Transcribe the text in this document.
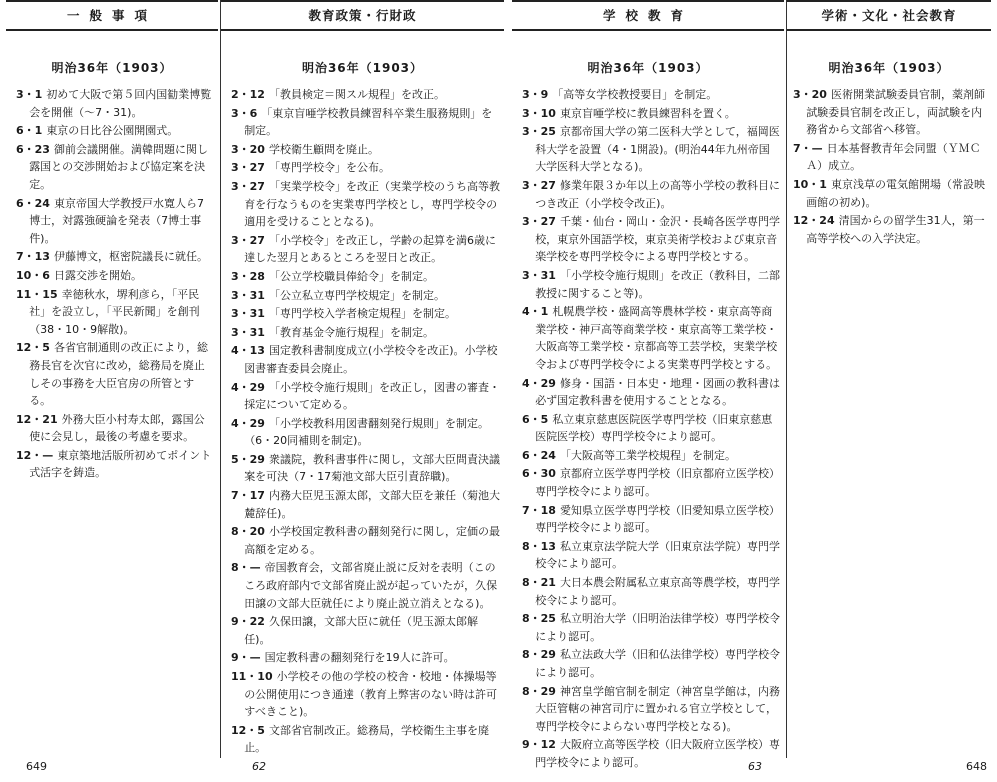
一般事項
明治36年（1903）
3・1 初めて大阪で第５回内国勧業博覧会を開催（～7・31)。
6・1 東京の日比谷公園開園式。
6・23 御前会議開催。満韓問題に関し露国との交渉開始および協定案を決定。
6・24 東京帝国大学教授戸水寛人ら7博士，対露強硬論を発表（7博士事件)。
7・13 伊藤博文，枢密院議長に就任。
10・6 日露交渉を開始。
11・15 幸徳秋水，堺利彦ら，「平民社」を設立し，「平民新聞」を創刊（38・10・9解散)。
12・5 各省官制通則の改正により，総務長官を次官に改め，総務局を廃止しその事務を大臣官房の所管とする。
12・21 外務大臣小村寿太郎，露国公使に会見し，最後の考慮を要求。
12・— 東京築地活版所初めてポイント式活字を鋳造。
教育政策・行財政
明治36年（1903）
2・12 「教員検定＝関スル規程」を改正。
3・6 「東京盲唖学校教員練習科卒業生服務規則」を制定。
3・20 学校衛生顧問を廃止。
3・27 「専門学校令」を公布。
3・27 「実業学校令」を改正（実業学校のうち高等教育を行なうものを実業専門学校とし，専門学校令の適用を受けることとなる)。
3・27 「小学校令」を改正し，学齢の起算を満6歳に達した翌月とあるところを翌日と改正。
3・28 「公立学校職員俸給令」を制定。
3・31 「公立私立専門学校規定」を制定。
3・31 「専門学校入学者検定規程」を制定。
3・31 「教育基金令施行規程」を制定。
4・13 国定教科書制度成立(小学校令を改正)。小学校図書審査委員会廃止。
4・29 「小学校令施行規則」を改正し，図書の審査・採定について定める。
4・29 「小学校教科用図書翻刻発行規則」を制定。（6・20同補則を制定)。
5・29 衆議院，教科書事件に関し，文部大臣問責決議案を可決（7・17菊池文部大臣引責辞職)。
7・17 内務大臣児玉源太郎，文部大臣を兼任（菊池大麓辞任)。
8・20 小学校国定教科書の翻刻発行に関し，定価の最高額を定める。
8・— 帝国教育会，文部省廃止説に反対を表明（このころ政府部内で文部省廃止説が起っていたが，久保田譲の文部大臣就任により廃止説立消えとなる)。
9・22 久保田譲，文部大臣に就任（児玉源太郎解任)。
9・— 国定教科書の翻刻発行を19人に許可。
11・10 小学校その他の学校の校舎・校地・体操場等の公開使用につき通達（教育上弊害のない時は許可すべきこと)。
12・5 文部省官制改正。総務局，学校衛生主事を廃止。
学校教育
明治36年（1903）
3・9 「高等女学校教授要目」を制定。
3・10 東京盲唖学校に教員練習科を置く。
3・25 京都帝国大学の第二医科大学として，福岡医科大学を設置（4・1開設)。(明治44年九州帝国大学医科大学となる)。
3・27 修業年限３か年以上の高等小学校の教科目につき改正（小学校令改正)。
3・27 千葉・仙台・岡山・金沢・長崎各医学専門学校，東京外国語学校，東京美術学校および東京音楽学校を専門学校令による専門学校とする。
3・31 「小学校令施行規則」を改正（教科目，二部教授に関すること等)。
4・1 札幌農学校・盛岡高等農林学校・東京高等商業学校・神戸高等商業学校・東京高等工業学校・大阪高等工業学校・京都高等工芸学校，実業学校令および専門学校令による実業専門学校とする。
4・29 修身・国語・日本史・地理・図画の教科書は必ず国定教科書を使用することとなる。
6・5 私立東京慈恵医院医学専門学校（旧東京慈恵医院医学校）専門学校令により認可。
6・24 「大阪高等工業学校規程」を制定。
6・30 京都府立医学専門学校（旧京都府立医学校）専門学校令により認可。
7・18 愛知県立医学専門学校（旧愛知県立医学校）専門学校令により認可。
8・13 私立東京法学院大学（旧東京法学院）専門学校令により認可。
8・21 大日本農会附属私立東京高等農学校，専門学校令により認可。
8・25 私立明治大学（旧明治法律学校）専門学校令により認可。
8・29 私立法政大学（旧和仏法律学校）専門学校令により認可。
8・29 神宮皇学館官制を制定（神宮皇学館は，内務大臣管轄の神宮司庁に置かれる官立学校として，専門学校令によらない専門学校となる)。
9・12 大阪府立高等医学校（旧大阪府立医学校）専門学校令により認可。
学術・文化・社会教育
明治36年（1903）
3・20 医術開業試験委員官制，薬剤師試験委員官制を改正し，両試験を内務省から文部省へ移管。
7・— 日本基督教青年会同盟（ＹＭＣＡ）成立。
10・1 東京浅草の電気館開場（常設映画館の初め)。
12・24 清国からの留学生31人，第一高等学校への入学決定。
649	62	63	648
